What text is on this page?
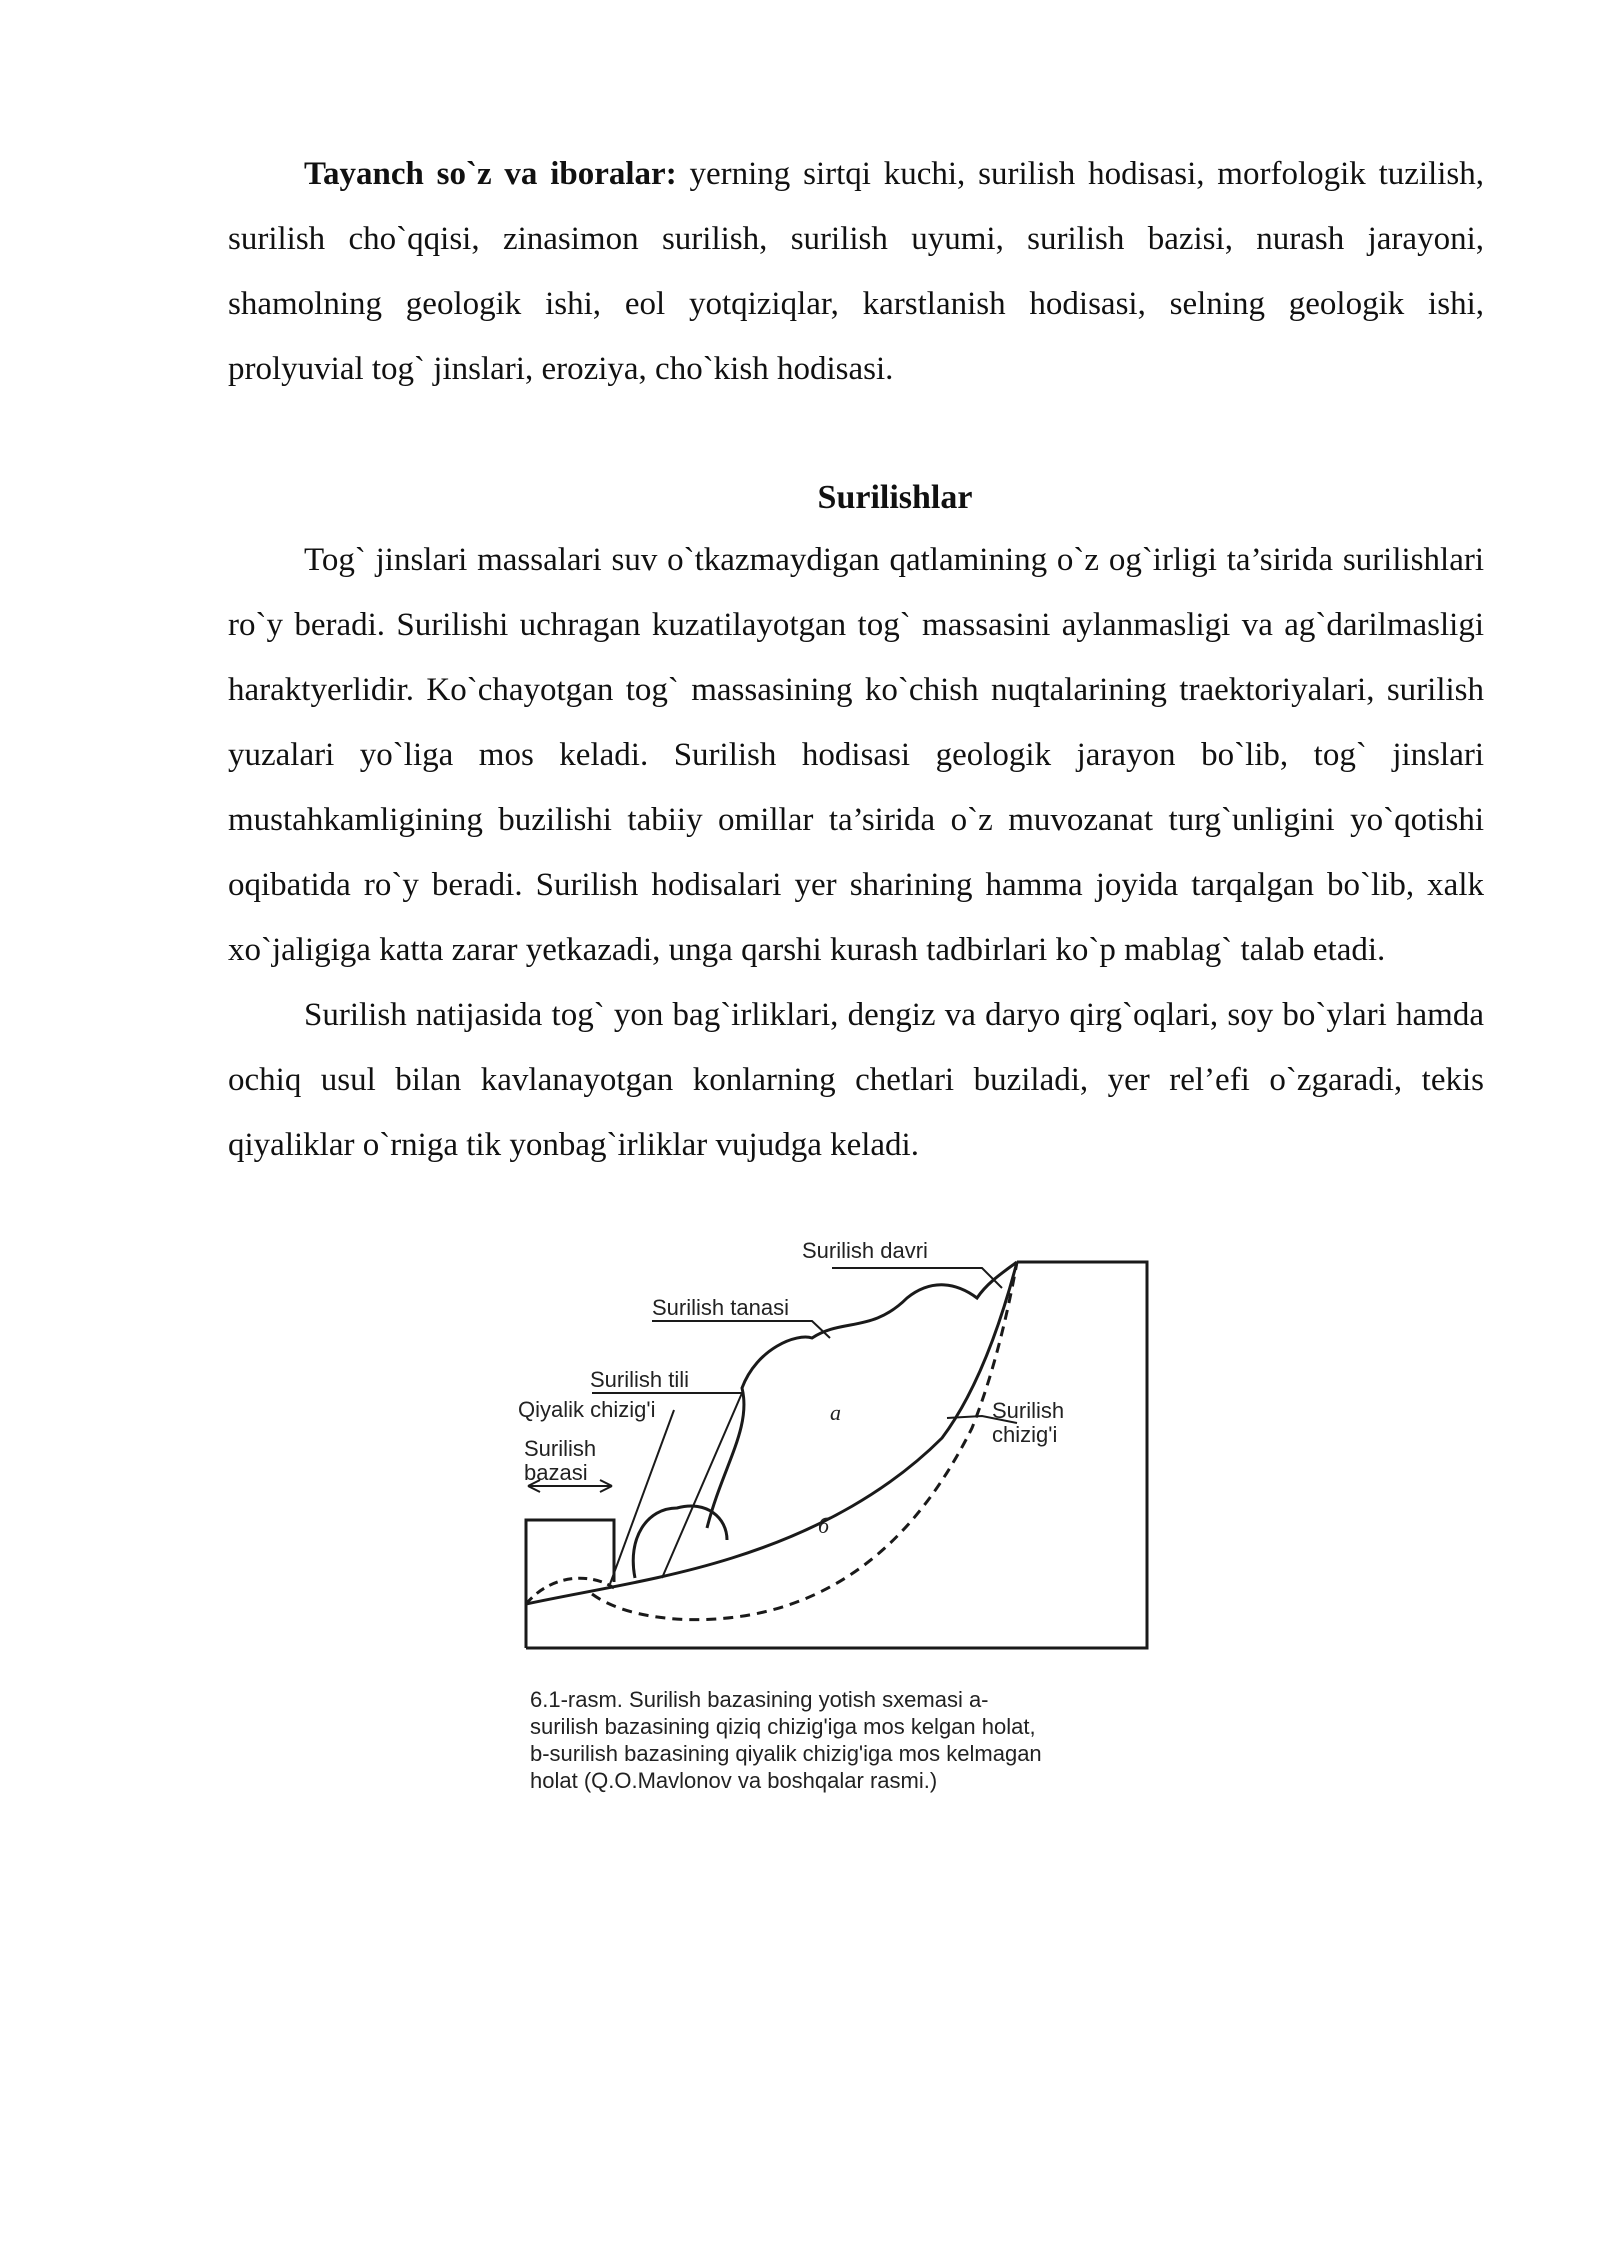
Tayanch so`z va iboralar: yerning sirtqi kuchi, surilish hodisasi, morfologik tuzilish, surilish cho`qqisi, zinasimon surilish, surilish uyumi, surilish bazisi, nurash jarayoni, shamolning geologik ishi, eol yotqiziqlar, karstlanish hodisasi, selning geologik ishi, prolyuvial tog` jinslari, eroziya, cho`kish hodisasi.

Surilishlar

Tog` jinslari massalari suv o`tkazmaydigan qatlamining o`z og`irligi ta’sirida surilishlari ro`y beradi. Surilishi uchragan kuzatilayotgan tog` massasini aylanmasligi va ag`darilmasligi haraktyerlidir. Ko`chayotgan tog` massasining ko`chish nuqtalarining traektoriyalari, surilish yuzalari yo`liga mos keladi. Surilish hodisasi geologik jarayon bo`lib, tog` jinslari mustahkamligining buzilishi tabiiy omillar ta’sirida o`z muvozanat turg`unligini yo`qotishi oqibatida ro`y beradi. Surilish hodisalari yer sharining hamma joyida tarqalgan bo`lib, xalk xo`jaligiga katta zarar yetkazadi, unga qarshi kurash tadbirlari ko`p mablag` talab etadi.

Surilish natijasida tog` yon bag`irliklari, dengiz va daryo qirg`oqlari, soy bo`ylari hamda ochiq usul bilan kavlanayotgan konlarning chetlari buziladi, yer rel’efi o`zgaradi, tekis qiyaliklar o`rniga tik yonbag`irliklar vujudga keladi.

Surilish davri
Surilish tanasi
Surilish tili
Qiyalik chizig'i
Surilish
bazasi
Surilish
chizig'i
a
б
6.1-rasm. Surilish bazasining yotish sxemasi a-
surilish bazasining qiziq chizig'iga mos kelgan holat,
b-surilish bazasining qiyalik chizig'iga mos kelmagan
holat (Q.O.Mavlonov va boshqalar rasmi.)
